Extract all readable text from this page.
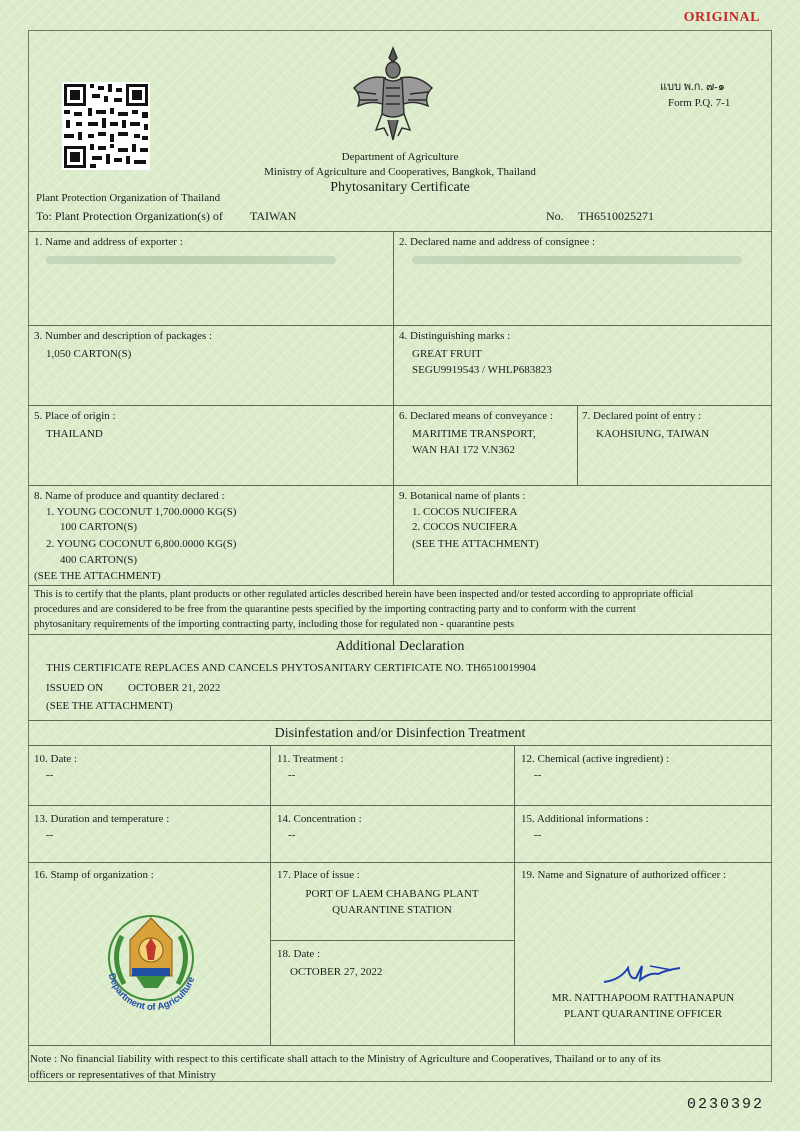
ORIGINAL
แบบ พ.ก. ๗-๑
Form P.Q. 7-1
Department of Agriculture
Ministry of Agriculture and Cooperatives, Bangkok, Thailand
Phytosanitary Certificate
Plant Protection Organization of Thailand
To: Plant Protection Organization(s) of TAIWAN	No. TH6510025271
1. Name and address of exporter :	2. Declared name and address of consignee :
3. Number and description of packages :
1,050 CARTON(S)
4. Distinguishing marks :
GREAT FRUIT
SEGU9919543 / WHLP683823
5. Place of origin :
THAILAND
6. Declared means of conveyance :
MARITIME TRANSPORT,
WAN HAI 172 V.N362
7. Declared point of entry :
KAOHSIUNG, TAIWAN
8. Name of produce and quantity declared :
1. YOUNG COCONUT 1,700.0000 KG(S)
100 CARTON(S)
2. YOUNG COCONUT 6,800.0000 KG(S)
400 CARTON(S)
(SEE THE ATTACHMENT)
9. Botanical name of plants :
1. COCOS NUCIFERA
2. COCOS NUCIFERA
(SEE THE ATTACHMENT)
This is to certify that the plants, plant products or other regulated articles described herein have been inspected and/or tested according to appropriate official
procedures and are considered to be free from the quarantine pests specified by the importing contracting party and to conform with the current
phytosanitary requirements of the importing contracting party, including those for regulated non - quarantine pests
Additional Declaration
THIS CERTIFICATE REPLACES AND CANCELS PHYTOSANITARY CERTIFICATE NO. TH6510019904
ISSUED ON OCTOBER 21, 2022
(SEE THE ATTACHMENT)
Disinfestation and/or Disinfection Treatment
10. Date :
--
11. Treatment :
--
12. Chemical (active ingredient) :
--
13. Duration and temperature :
--
14. Concentration :
--
15. Additional informations :
--
16. Stamp of organization :
Department of Agriculture
17. Place of issue :
PORT OF LAEM CHABANG PLANT
QUARANTINE STATION
18. Date :
OCTOBER 27, 2022
19. Name and Signature of authorized officer :
MR. NATTHAPOOM RATTHANAPUN
PLANT QUARANTINE OFFICER
Note : No financial liability with respect to this certificate shall attach to the Ministry of Agriculture and Cooperatives, Thailand or to any of its
officers or representatives of that Ministry
0230392
